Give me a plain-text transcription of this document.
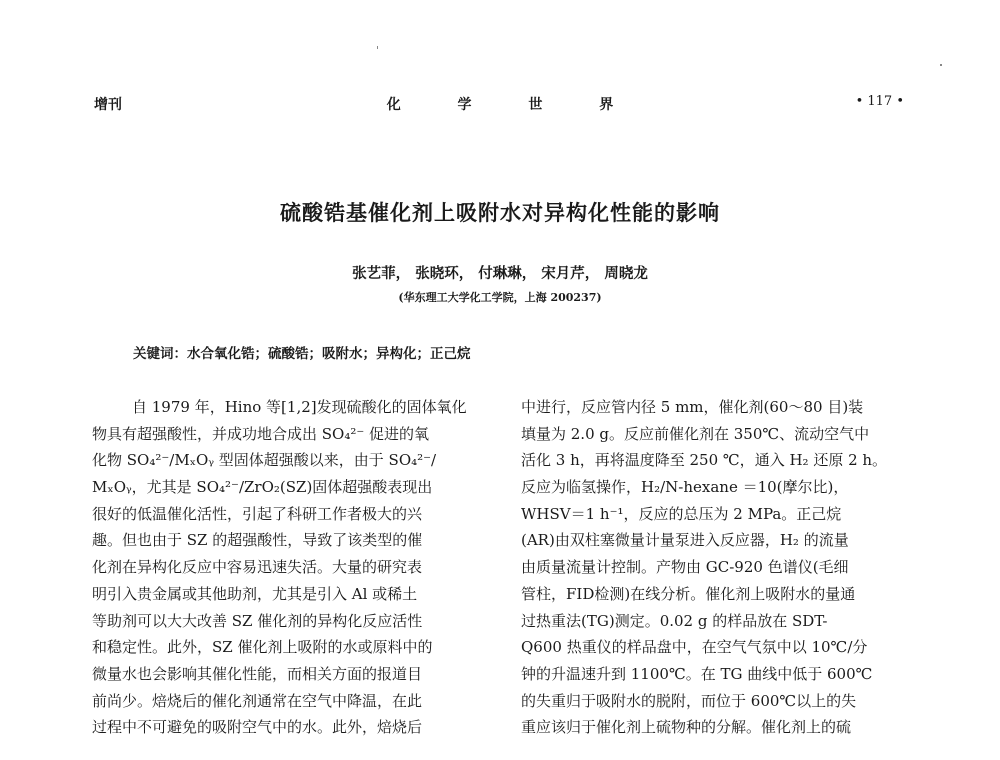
增刊	化 学 世 界	• 117 •
硫酸锆基催化剂上吸附水对异构化性能的影响
张艺菲， 张晓环， 付琳琳， 宋月芹， 周晓龙
(华东理工大学化工学院，上海 200237)
关键词：水合氧化锆；硫酸锆；吸附水；异构化；正己烷

自 1979 年，Hino 等[1,2]发现硫酸化的固体氧化

物具有超强酸性，并成功地合成出 SO₄²⁻ 促进的氧

化物 SO₄²⁻/MₓOᵧ 型固体超强酸以来，由于 SO₄²⁻/

MₓOᵧ，尤其是 SO₄²⁻/ZrO₂(SZ)固体超强酸表现出

很好的低温催化活性，引起了科研工作者极大的兴

趣。但也由于 SZ 的超强酸性，导致了该类型的催

化剂在异构化反应中容易迅速失活。大量的研究表

明引入贵金属或其他助剂，尤其是引入 Al 或稀土

等助剂可以大大改善 SZ 催化剂的异构化反应活性

和稳定性。此外，SZ 催化剂上吸附的水或原料中的

微量水也会影响其催化性能，而相关方面的报道目

前尚少。焙烧后的催化剂通常在空气中降温，在此

过程中不可避免的吸附空气中的水。此外，焙烧后

中进行，反应管内径 5 mm，催化剂(60～80 目)装

填量为 2.0 g。反应前催化剂在 350℃、流动空气中

活化 3 h，再将温度降至 250 ℃，通入 H₂ 还原 2 h。

反应为临氢操作，H₂/N-hexane ＝10(摩尔比)，

WHSV＝1 h⁻¹，反应的总压为 2 MPa。正己烷

(AR)由双柱塞微量计量泵进入反应器，H₂ 的流量

由质量流量计控制。产物由 GC-920 色谱仪(毛细

管柱，FID检测)在线分析。催化剂上吸附水的量通

过热重法(TG)测定。0.02 g 的样品放在 SDT-

Q600 热重仪的样品盘中，在空气气氛中以 10℃/分

钟的升温速升到 1100℃。在 TG 曲线中低于 600℃

的失重归于吸附水的脱附，而位于 600℃以上的失

重应该归于催化剂上硫物种的分解。催化剂上的硫
